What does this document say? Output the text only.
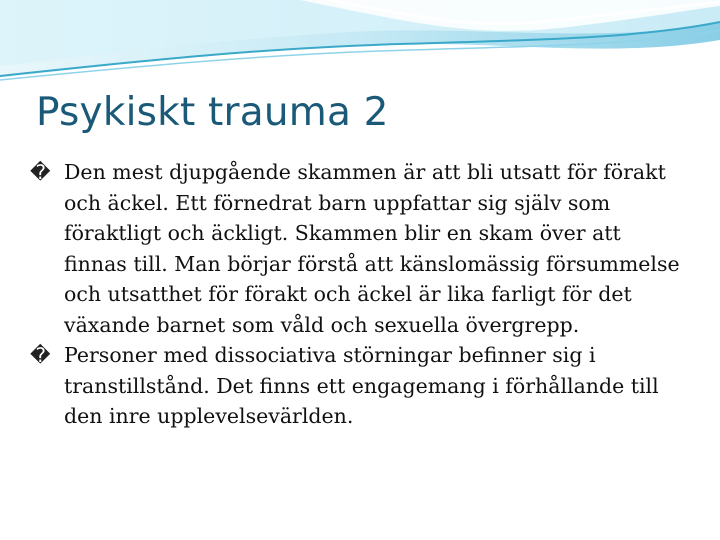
Psykiskt trauma 2
� Den mest djupgående skammen är att bli utsatt för förakt och äckel. Ett förnedrat barn uppfattar sig själv som föraktligt och äckligt. Skammen blir en skam över att finnas till. Man börjar förstå att känslomässig försummelse och utsatthet för förakt och äckel är lika farligt för det växande barnet som våld och sexuella övergrepp.
� Personer med dissociativa störningar befinner sig i transtillstånd. Det finns ett engagemang i förhållande till den inre upplevelsevärlden.
